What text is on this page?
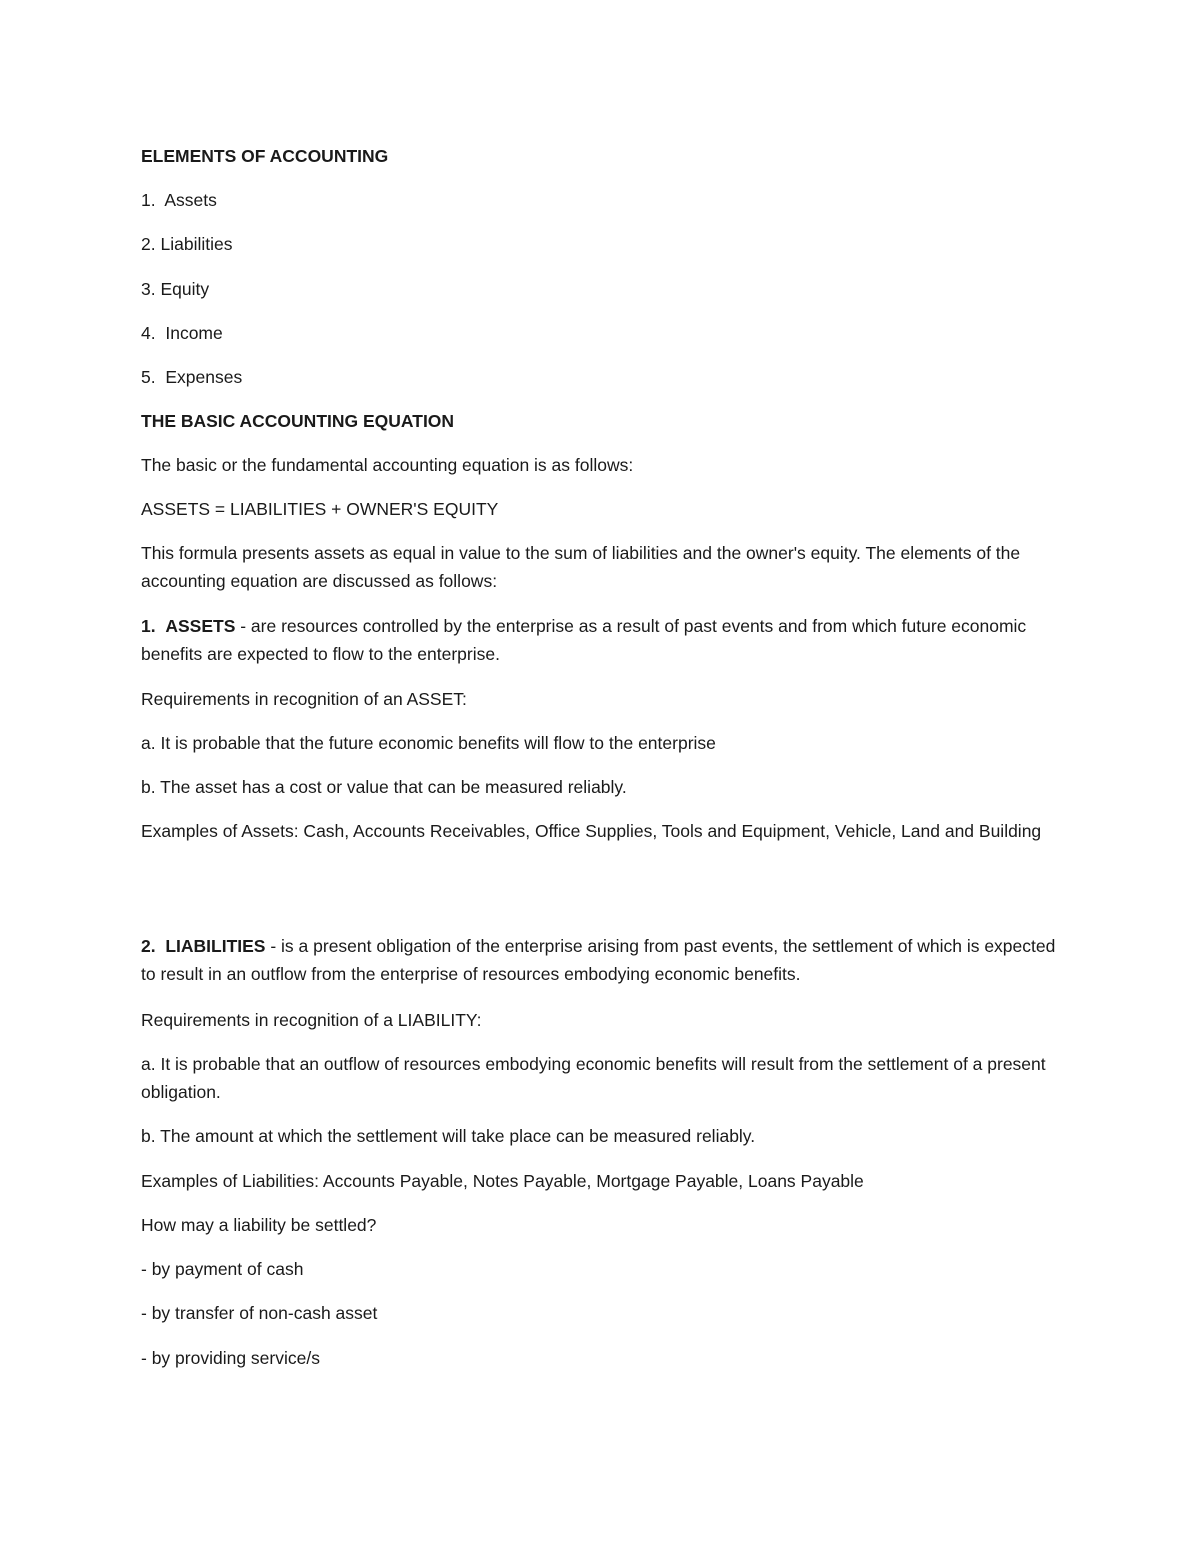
ELEMENTS OF ACCOUNTING
1. Assets
2. Liabilities
3. Equity
4. Income
5. Expenses
THE BASIC ACCOUNTING EQUATION
The basic or the fundamental accounting equation is as follows:
ASSETS = LIABILITIES + OWNER'S EQUITY
This formula presents assets as equal in value to the sum of liabilities and the owner's equity. The elements of the accounting equation are discussed as follows:
1. ASSETS - are resources controlled by the enterprise as a result of past events and from which future economic benefits are expected to flow to the enterprise.
Requirements in recognition of an ASSET:
a. It is probable that the future economic benefits will flow to the enterprise
b. The asset has a cost or value that can be measured reliably.
Examples of Assets: Cash, Accounts Receivables, Office Supplies, Tools and Equipment, Vehicle, Land and Building
2. LIABILITIES - is a present obligation of the enterprise arising from past events, the settlement of which is expected to result in an outflow from the enterprise of resources embodying economic benefits.
Requirements in recognition of a LIABILITY:
a. It is probable that an outflow of resources embodying economic benefits will result from the settlement of a present obligation.
b. The amount at which the settlement will take place can be measured reliably.
Examples of Liabilities: Accounts Payable, Notes Payable, Mortgage Payable, Loans Payable
How may a liability be settled?
- by payment of cash
- by transfer of non-cash asset
- by providing service/s
